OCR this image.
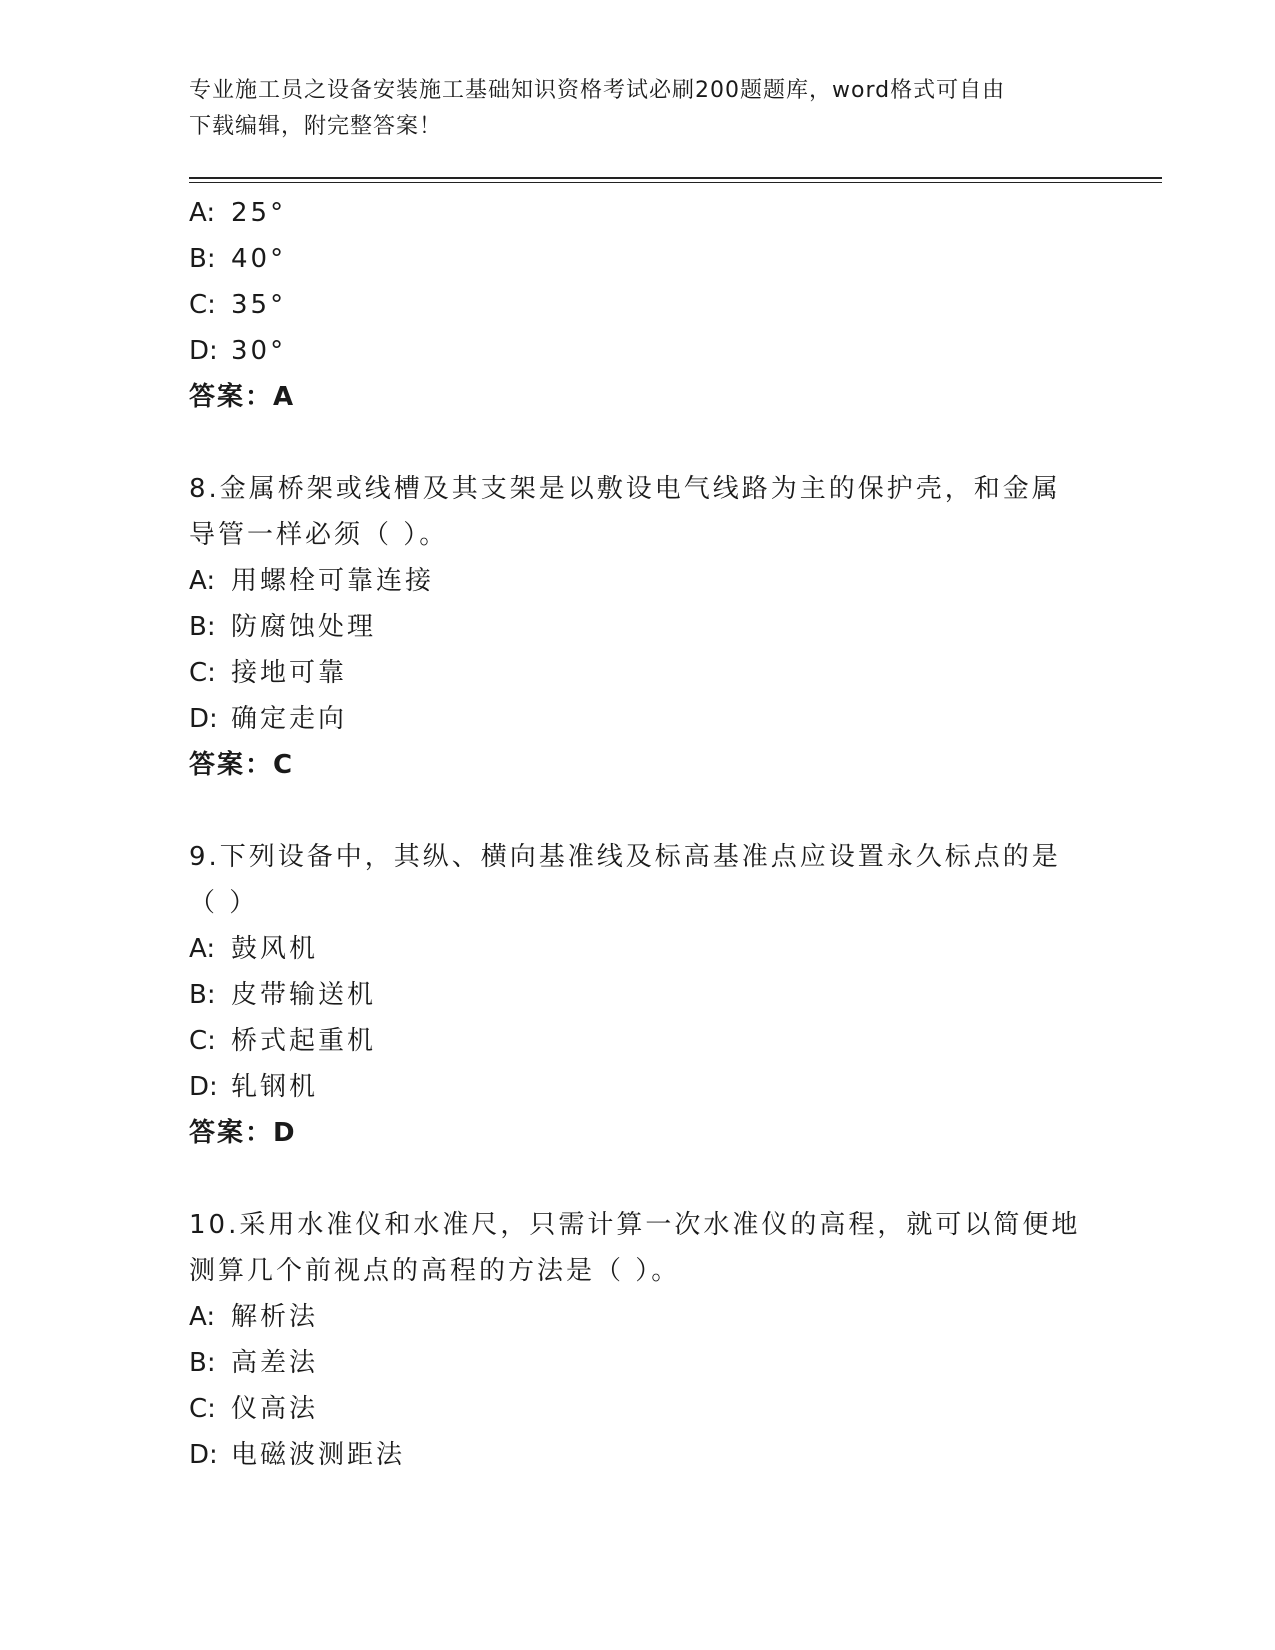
专业施工员之设备安装施工基础知识资格考试必刷200题题库，word格式可自由
下载编辑，附完整答案！
A: 25°
B: 40°
C: 35°
D: 30°
答案：A
8.金属桥架或线槽及其支架是以敷设电气线路为主的保护壳，和金属
导管一样必须（ ）。
A: 用螺栓可靠连接
B: 防腐蚀处理
C: 接地可靠
D: 确定走向
答案：C
9.下列设备中，其纵、横向基准线及标高基准点应设置永久标点的是
（ ）
A: 鼓风机
B: 皮带输送机
C: 桥式起重机
D: 轧钢机
答案：D
10.采用水准仪和水准尺，只需计算一次水准仪的高程，就可以简便地
测算几个前视点的高程的方法是（ ）。
A: 解析法
B: 高差法
C: 仪高法
D: 电磁波测距法
